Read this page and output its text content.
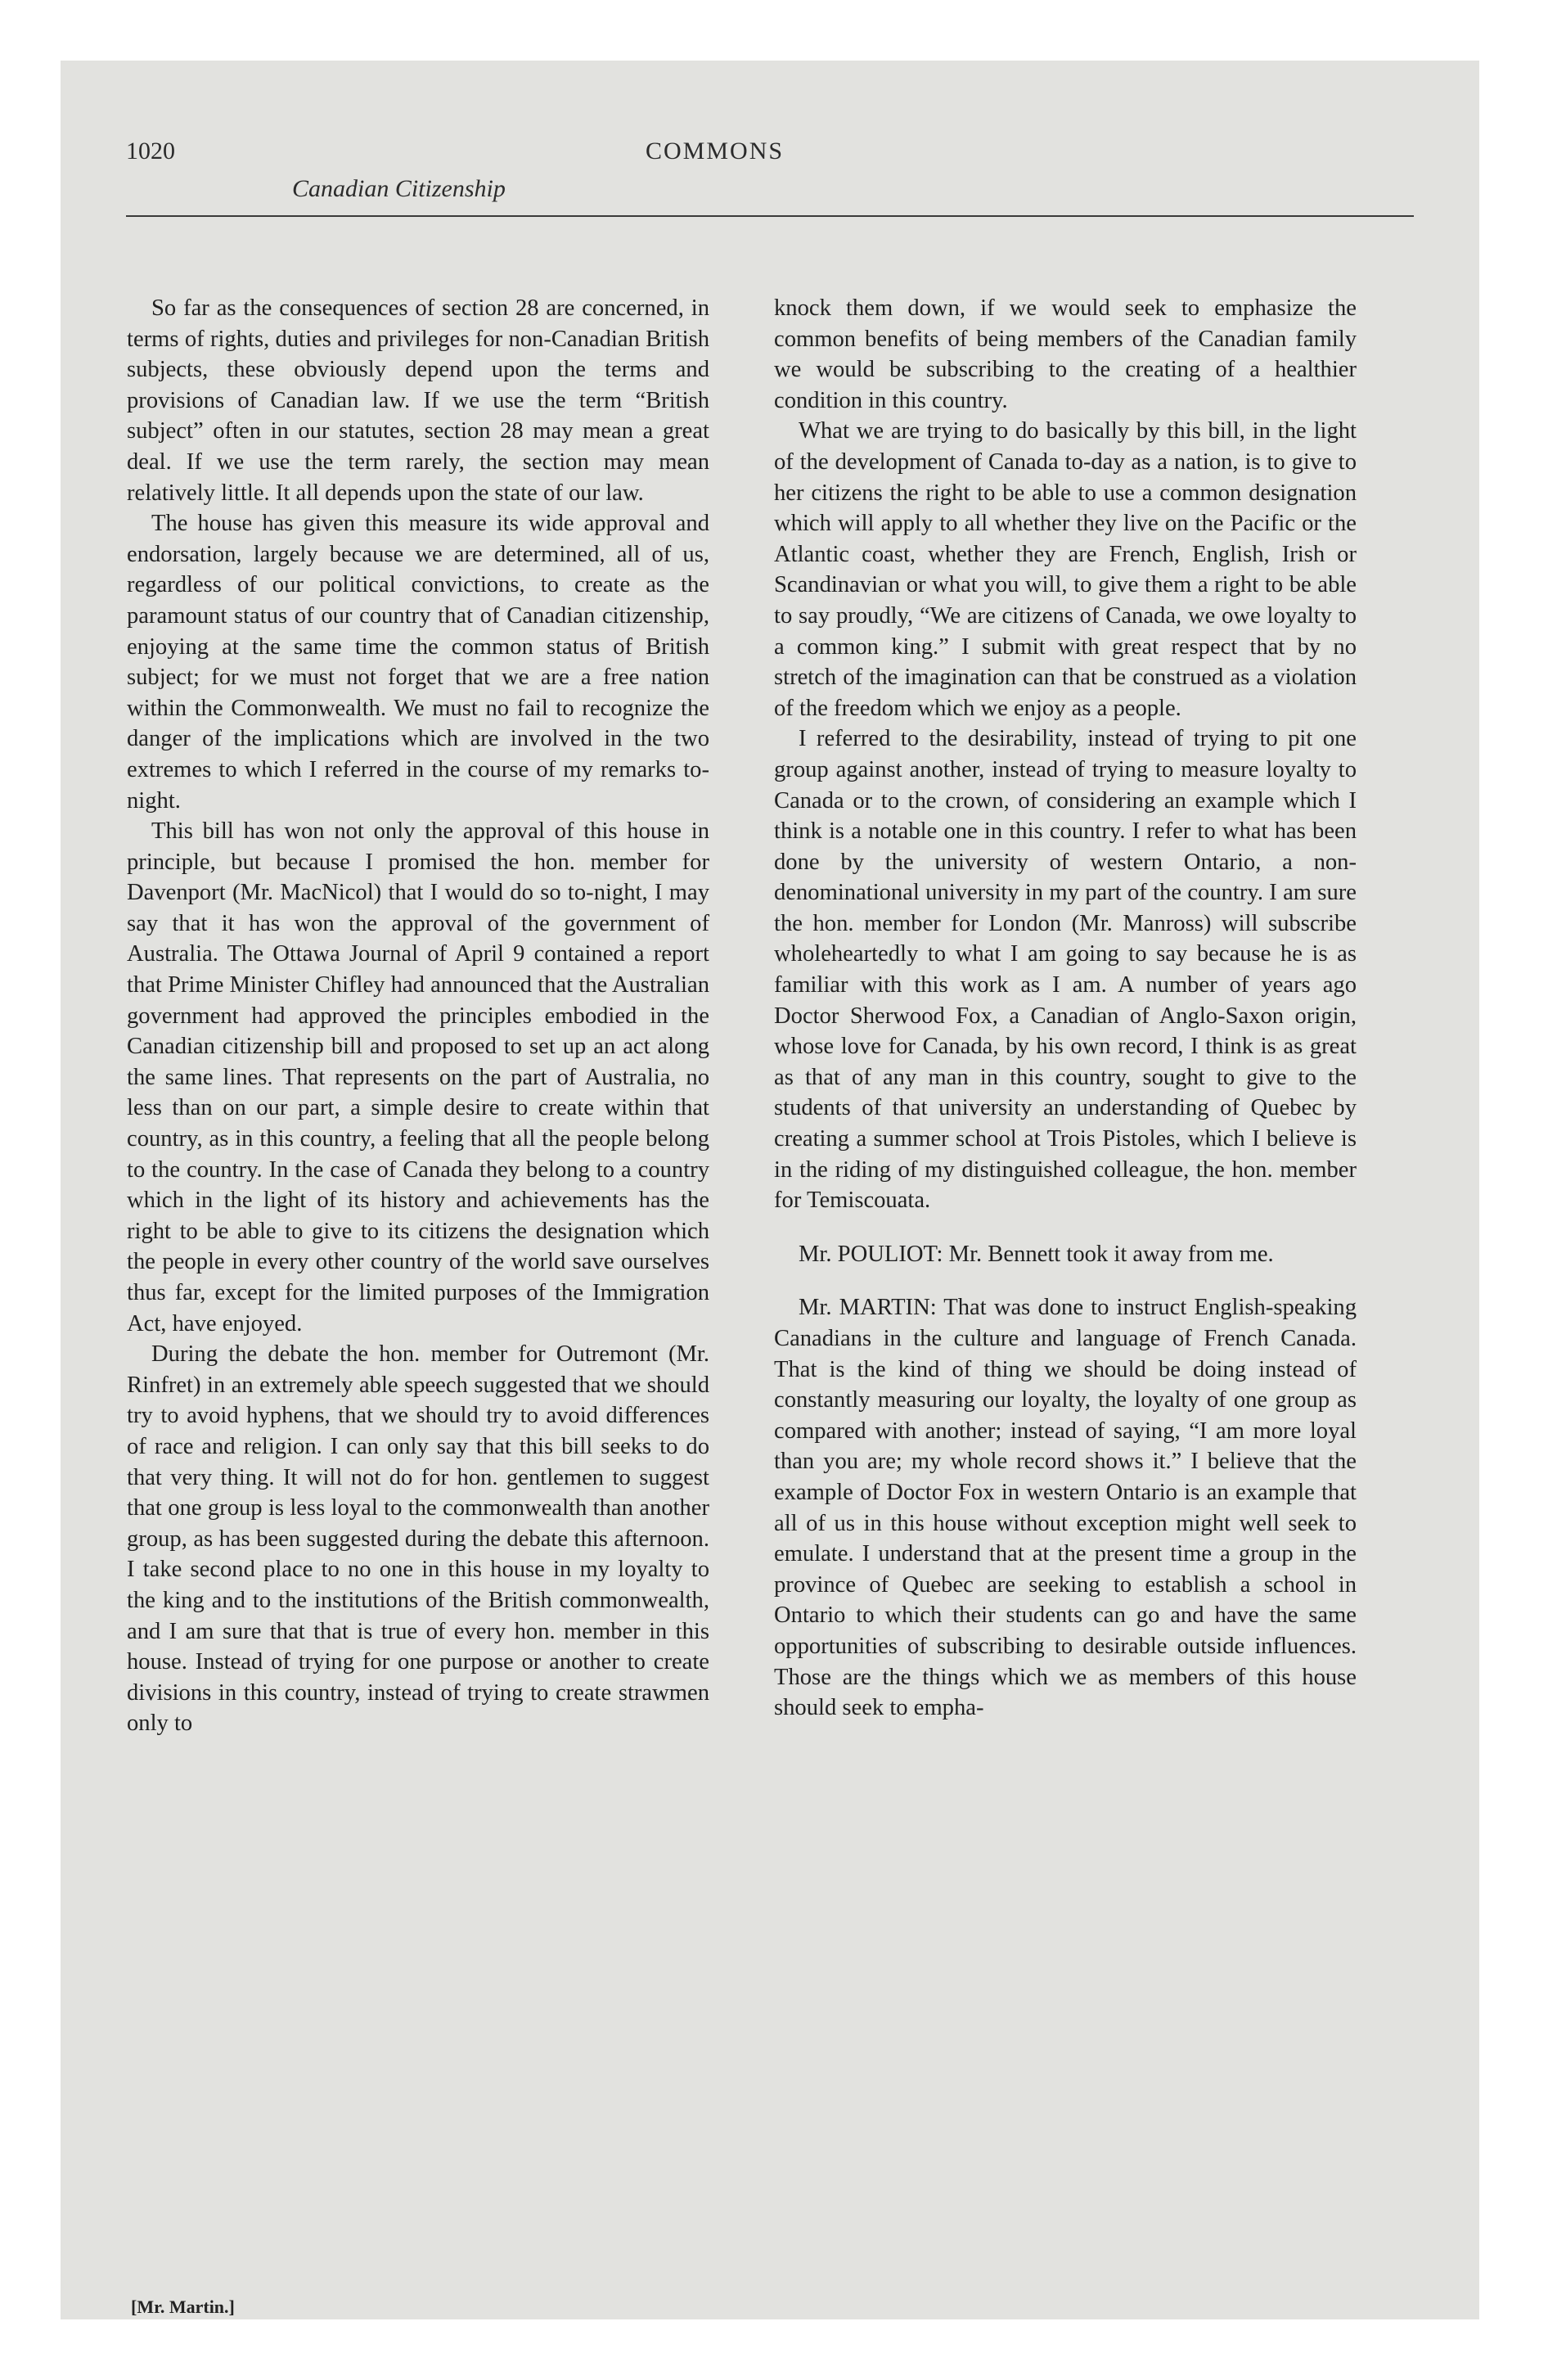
1020	COMMONS
Canadian Citizenship

So far as the consequences of section 28 are concerned, in terms of rights, duties and privileges for non-Canadian British subjects, these obviously depend upon the terms and provisions of Canadian law. If we use the term “British subject” often in our statutes, section 28 may mean a great deal. If we use the term rarely, the section may mean relatively little. It all depends upon the state of our law.

The house has given this measure its wide approval and endorsation, largely because we are determined, all of us, regardless of our political convictions, to create as the paramount status of our country that of Canadian citizenship, enjoying at the same time the common status of British subject; for we must not forget that we are a free nation within the Commonwealth. We must no fail to recognize the danger of the implications which are involved in the two extremes to which I referred in the course of my remarks to-night.

This bill has won not only the approval of this house in principle, but because I promised the hon. member for Davenport (Mr. MacNicol) that I would do so to-night, I may say that it has won the approval of the government of Australia. The Ottawa Journal of April 9 contained a report that Prime Minister Chifley had announced that the Australian government had approved the principles embodied in the Canadian citizenship bill and proposed to set up an act along the same lines. That represents on the part of Australia, no less than on our part, a simple desire to create within that country, as in this country, a feeling that all the people belong to the country. In the case of Canada they belong to a country which in the light of its history and achievements has the right to be able to give to its citizens the designation which the people in every other country of the world save ourselves thus far, except for the limited purposes of the Immigration Act, have enjoyed.

During the debate the hon. member for Outremont (Mr. Rinfret) in an extremely able speech suggested that we should try to avoid hyphens, that we should try to avoid differences of race and religion. I can only say that this bill seeks to do that very thing. It will not do for hon. gentlemen to suggest that one group is less loyal to the commonwealth than another group, as has been suggested during the debate this afternoon. I take second place to no one in this house in my loyalty to the king and to the institutions of the British commonwealth, and I am sure that that is true of every hon. member in this house. Instead of trying for one purpose or another to create divisions in this country, instead of trying to create strawmen only to

knock them down, if we would seek to emphasize the common benefits of being members of the Canadian family we would be subscribing to the creating of a healthier condition in this country.

What we are trying to do basically by this bill, in the light of the development of Canada to-day as a nation, is to give to her citizens the right to be able to use a common designation which will apply to all whether they live on the Pacific or the Atlantic coast, whether they are French, English, Irish or Scandinavian or what you will, to give them a right to be able to say proudly, “We are citizens of Canada, we owe loyalty to a common king.” I submit with great respect that by no stretch of the imagination can that be construed as a violation of the freedom which we enjoy as a people.

I referred to the desirability, instead of trying to pit one group against another, instead of trying to measure loyalty to Canada or to the crown, of considering an example which I think is a notable one in this country. I refer to what has been done by the university of western Ontario, a non-denominational university in my part of the country. I am sure the hon. member for London (Mr. Manross) will subscribe wholeheartedly to what I am going to say because he is as familiar with this work as I am. A number of years ago Doctor Sherwood Fox, a Canadian of Anglo-Saxon origin, whose love for Canada, by his own record, I think is as great as that of any man in this country, sought to give to the students of that university an understanding of Quebec by creating a summer school at Trois Pistoles, which I believe is in the riding of my distinguished colleague, the hon. member for Temiscouata.

Mr. POULIOT: Mr. Bennett took it away from me.

Mr. MARTIN: That was done to instruct English-speaking Canadians in the culture and language of French Canada. That is the kind of thing we should be doing instead of constantly measuring our loyalty, the loyalty of one group as compared with another; instead of saying, “I am more loyal than you are; my whole record shows it.” I believe that the example of Doctor Fox in western Ontario is an example that all of us in this house without exception might well seek to emulate. I understand that at the present time a group in the province of Quebec are seeking to establish a school in Ontario to which their students can go and have the same opportunities of subscribing to desirable outside influences. Those are the things which we as members of this house should seek to empha-

[Mr. Martin.]
